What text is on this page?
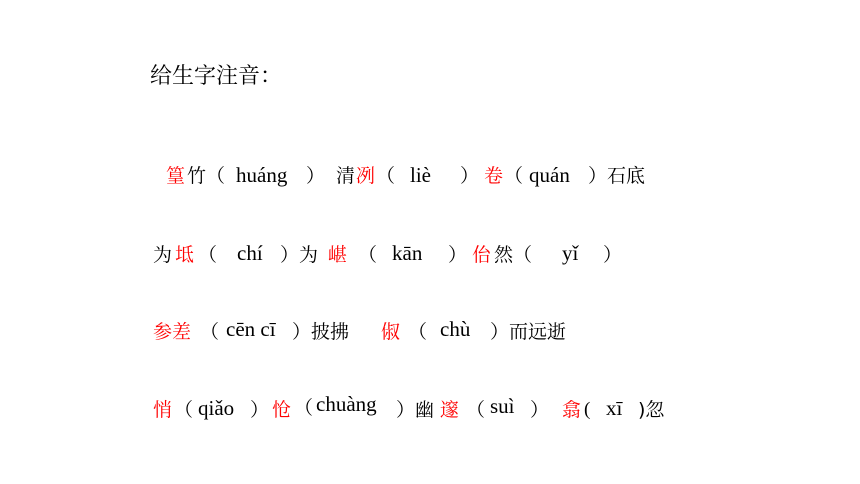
给生字注音：
篁 竹（ huáng ） 清 冽 （ liè ） 卷 （ quán ）石底
为 坻 （ chí ）为 嵁 （ kān ） 佁 然（ yǐ ）
参差 （ cēn cī ）披拂 俶 （ chù ）而远逝
悄 （ qiǎo ） 怆 （ chuàng ）幽 邃 （ suì ） 翕 ( xī )忽
